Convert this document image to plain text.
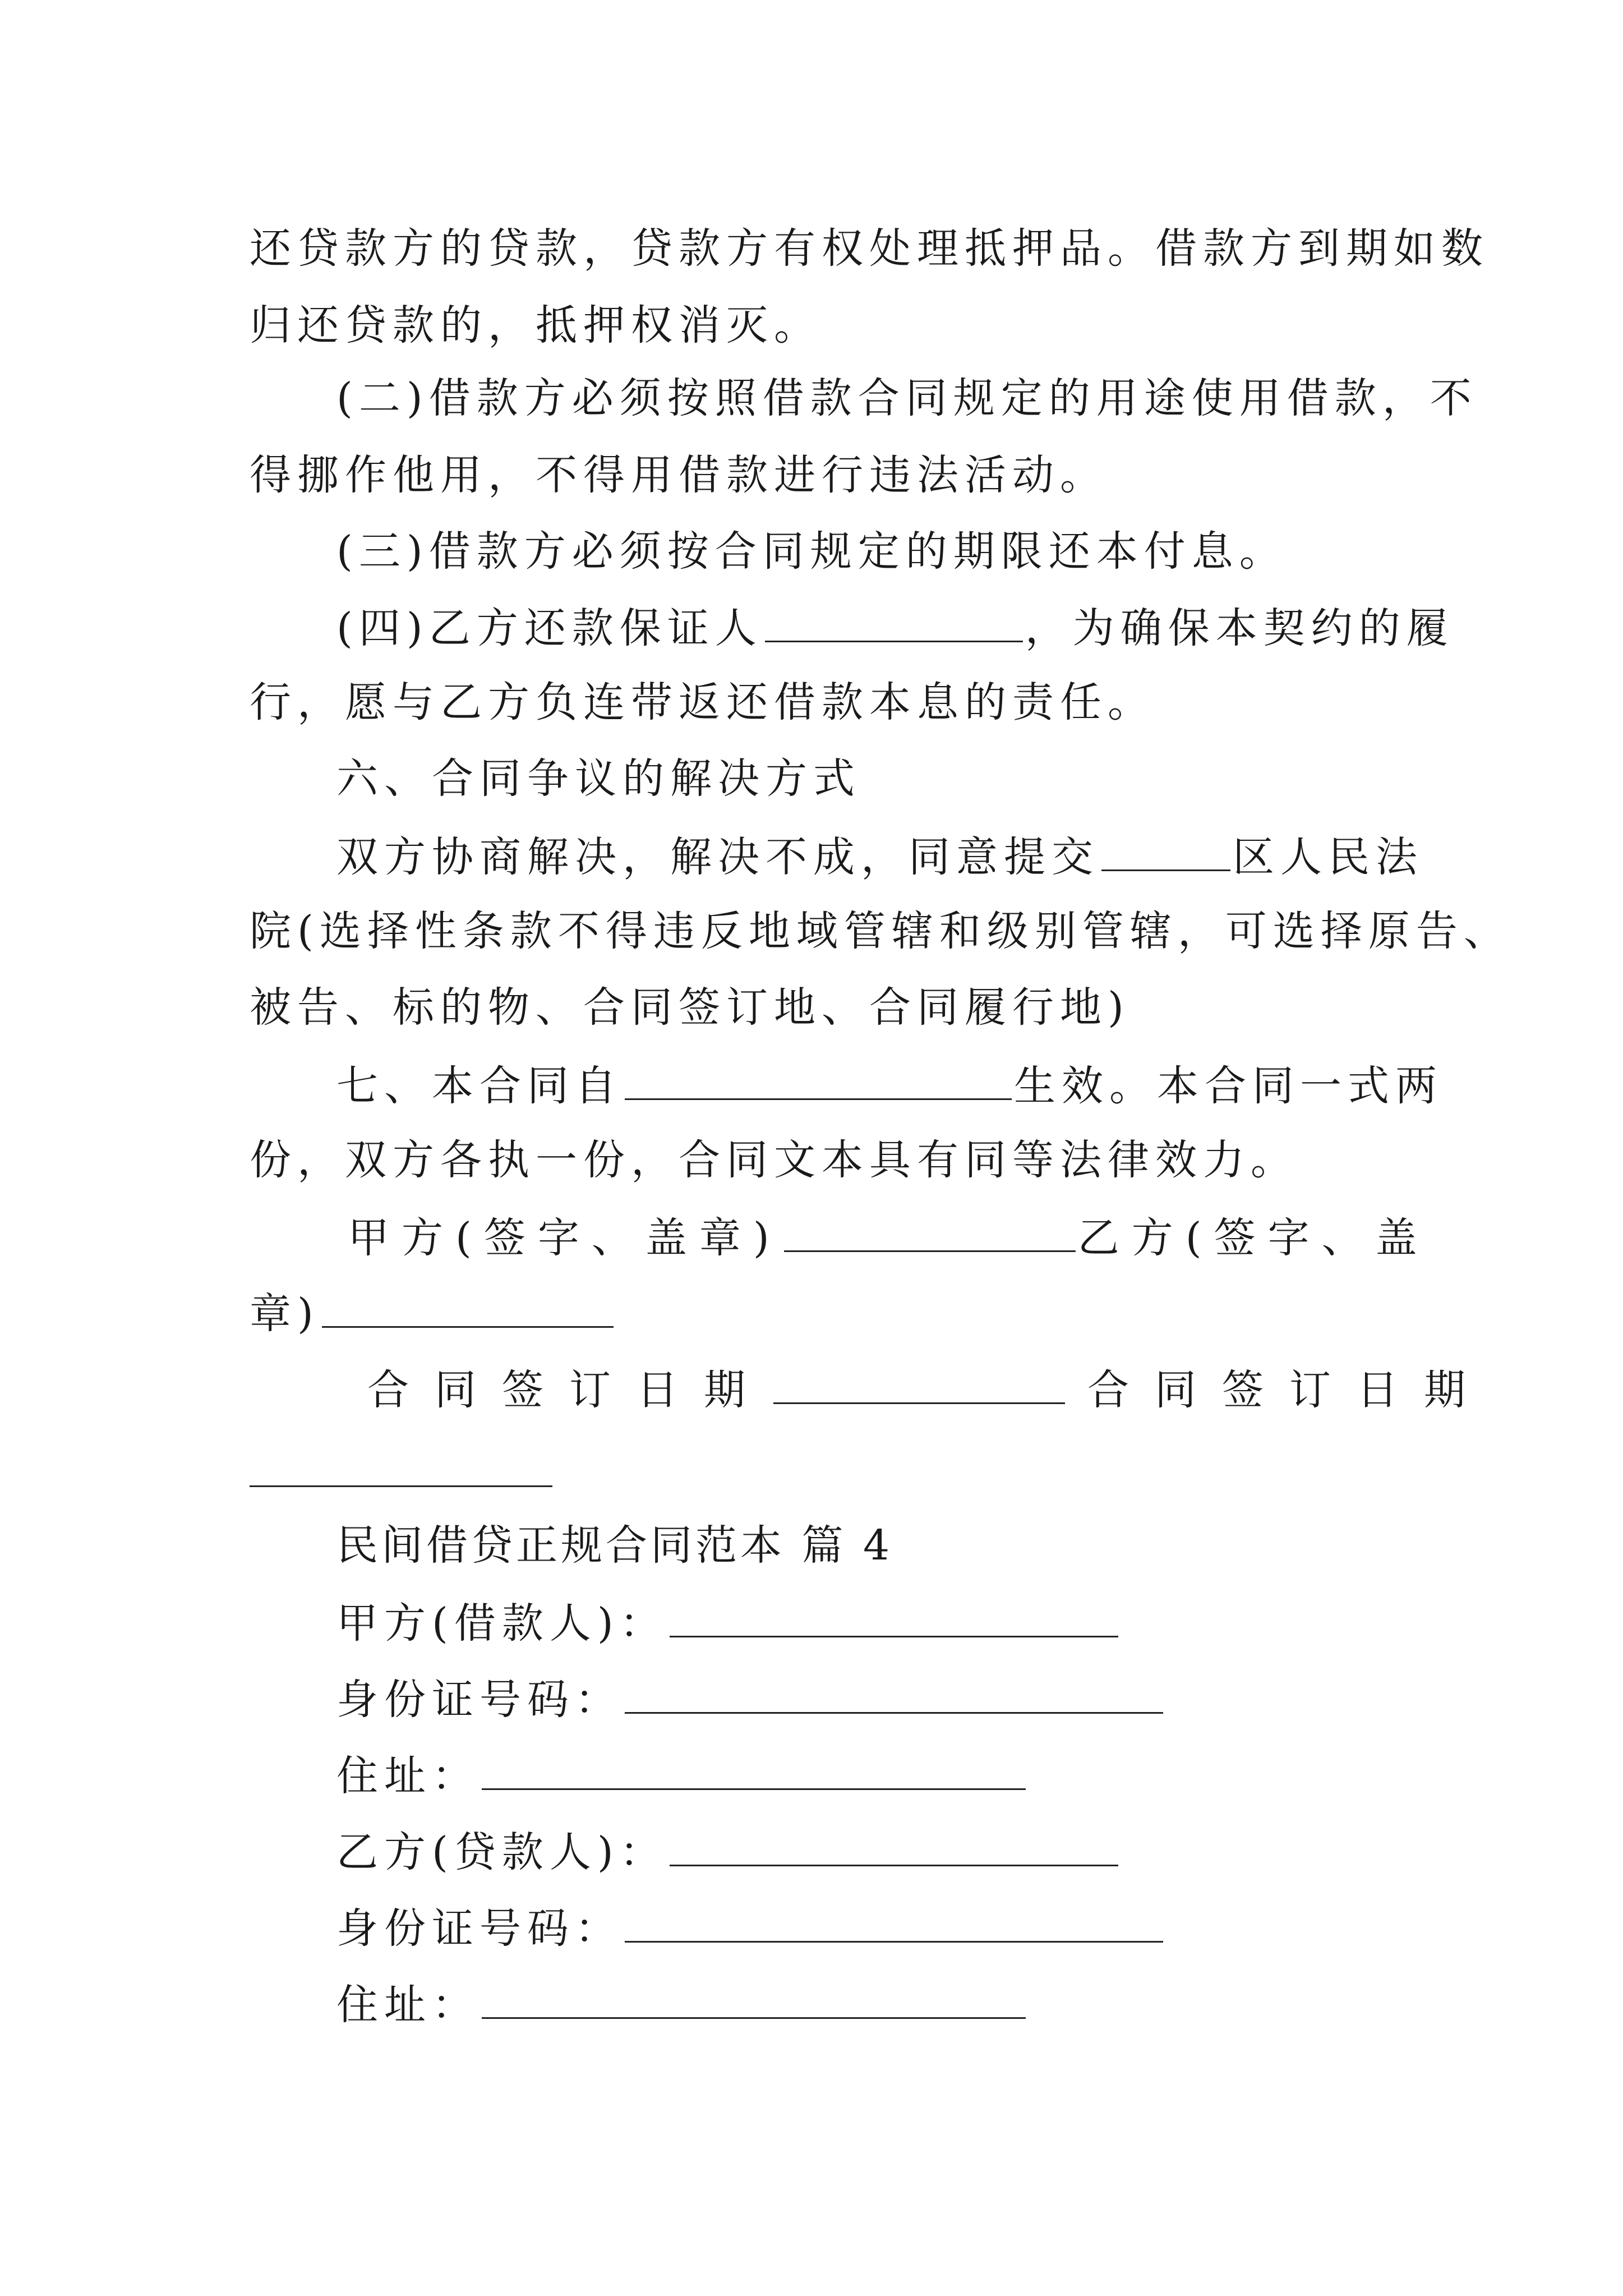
还贷款方的贷款，贷款方有权处理抵押品。借款方到期如数
归还贷款的，抵押权消灭。
(二)借款方必须按照借款合同规定的用途使用借款，不
得挪作他用，不得用借款进行违法活动。
(三)借款方必须按合同规定的期限还本付息。
(四)乙方还款保证人	，为确保本契约的履
行，愿与乙方负连带返还借款本息的责任。
六、合同争议的解决方式
双方协商解决，解决不成，同意提交	区人民法
院(选择性条款不得违反地域管辖和级别管辖，可选择原告、
被告、标的物、合同签订地、合同履行地)
七、本合同自	生效。本合同一式两
份，双方各执一份，合同文本具有同等法律效力。
甲方(签字、盖章)	乙方(签字、盖
章)
合同签订日期	合同签订日期
民间借贷正规合同范本 篇 4
甲方(借款人)：
身份证号码：
住址：
乙方(贷款人)：
身份证号码：
住址：
